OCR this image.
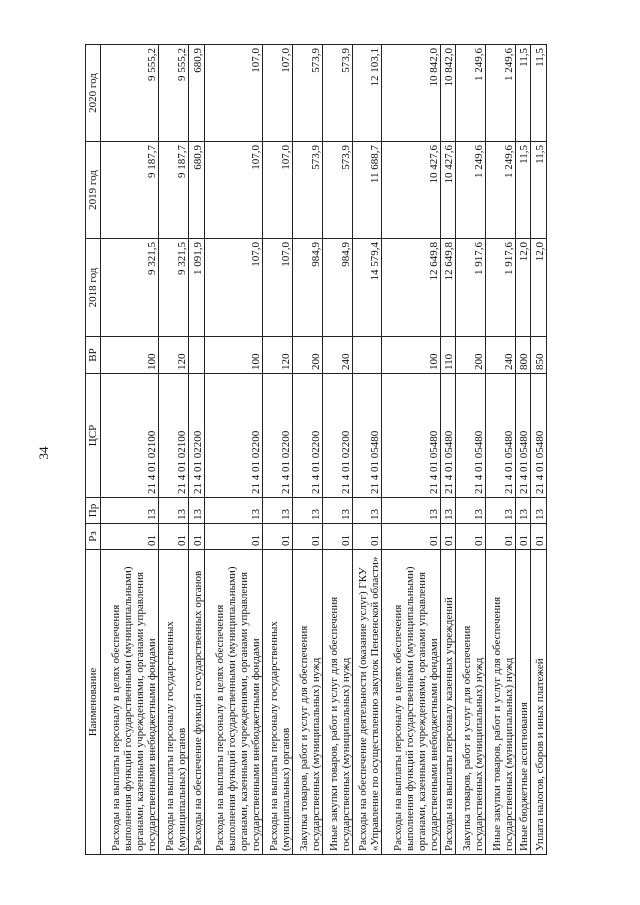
34
Наименование	Рз	Пр	ЦСР	ВР	2018 год	2019 год	2020 год
Расходы на выплаты персоналу в целях обеспечения выполнения функций государственными (муниципальными) органами, казенными учреждениями, органами управления государственными внебюджетными фондами	01	13	21 4 01 02100	100	9 321,5	9 187,7	9 555,2
Расходы на выплаты персоналу государственных (муниципальных) органов	01	13	21 4 01 02100	120	9 321,5	9 187,7	9 555,2
Расходы на обеспечение функций государственных органов	01	13	21 4 01 02200		1 091,9	680,9	680,9
Расходы на выплаты персоналу в целях обеспечения выполнения функций государственными (муниципальными) органами, казенными учреждениями, органами управления государственными внебюджетными фондами	01	13	21 4 01 02200	100	107,0	107,0	107,0
Расходы на выплаты персоналу государственных (муниципальных) органов	01	13	21 4 01 02200	120	107,0	107,0	107,0
Закупка товаров, работ и услуг для обеспечения государственных (муниципальных) нужд	01	13	21 4 01 02200	200	984,9	573,9	573,9
Иные закупки товаров, работ и услуг для обеспечения государственных (муниципальных) нужд	01	13	21 4 01 02200	240	984,9	573,9	573,9
Расходы на обеспечение деятельности (оказание услуг) ГКУ «Управление по осуществлению закупок Пензенской области»	01	13	21 4 01 05480		14 579,4	11 688,7	12 103,1
Расходы на выплаты персоналу в целях обеспечения выполнения функций государственными (муниципальными) органами, казенными учреждениями, органами управления государственными внебюджетными фондами	01	13	21 4 01 05480	100	12 649,8	10 427,6	10 842,0
Расходы на выплаты персоналу казенных учреждений	01	13	21 4 01 05480	110	12 649,8	10 427,6	10 842,0
Закупка товаров, работ и услуг для обеспечения государственных (муниципальных) нужд	01	13	21 4 01 05480	200	1 917,6	1 249,6	1 249,6
Иные закупки товаров, работ и услуг для обеспечения государственных (муниципальных) нужд	01	13	21 4 01 05480	240	1 917,6	1 249,6	1 249,6
Иные бюджетные ассигнования	01	13	21 4 01 05480	800	12,0	11,5	11,5
Уплата налогов, сборов и иных платежей	01	13	21 4 01 05480	850	12,0	11,5	11,5
